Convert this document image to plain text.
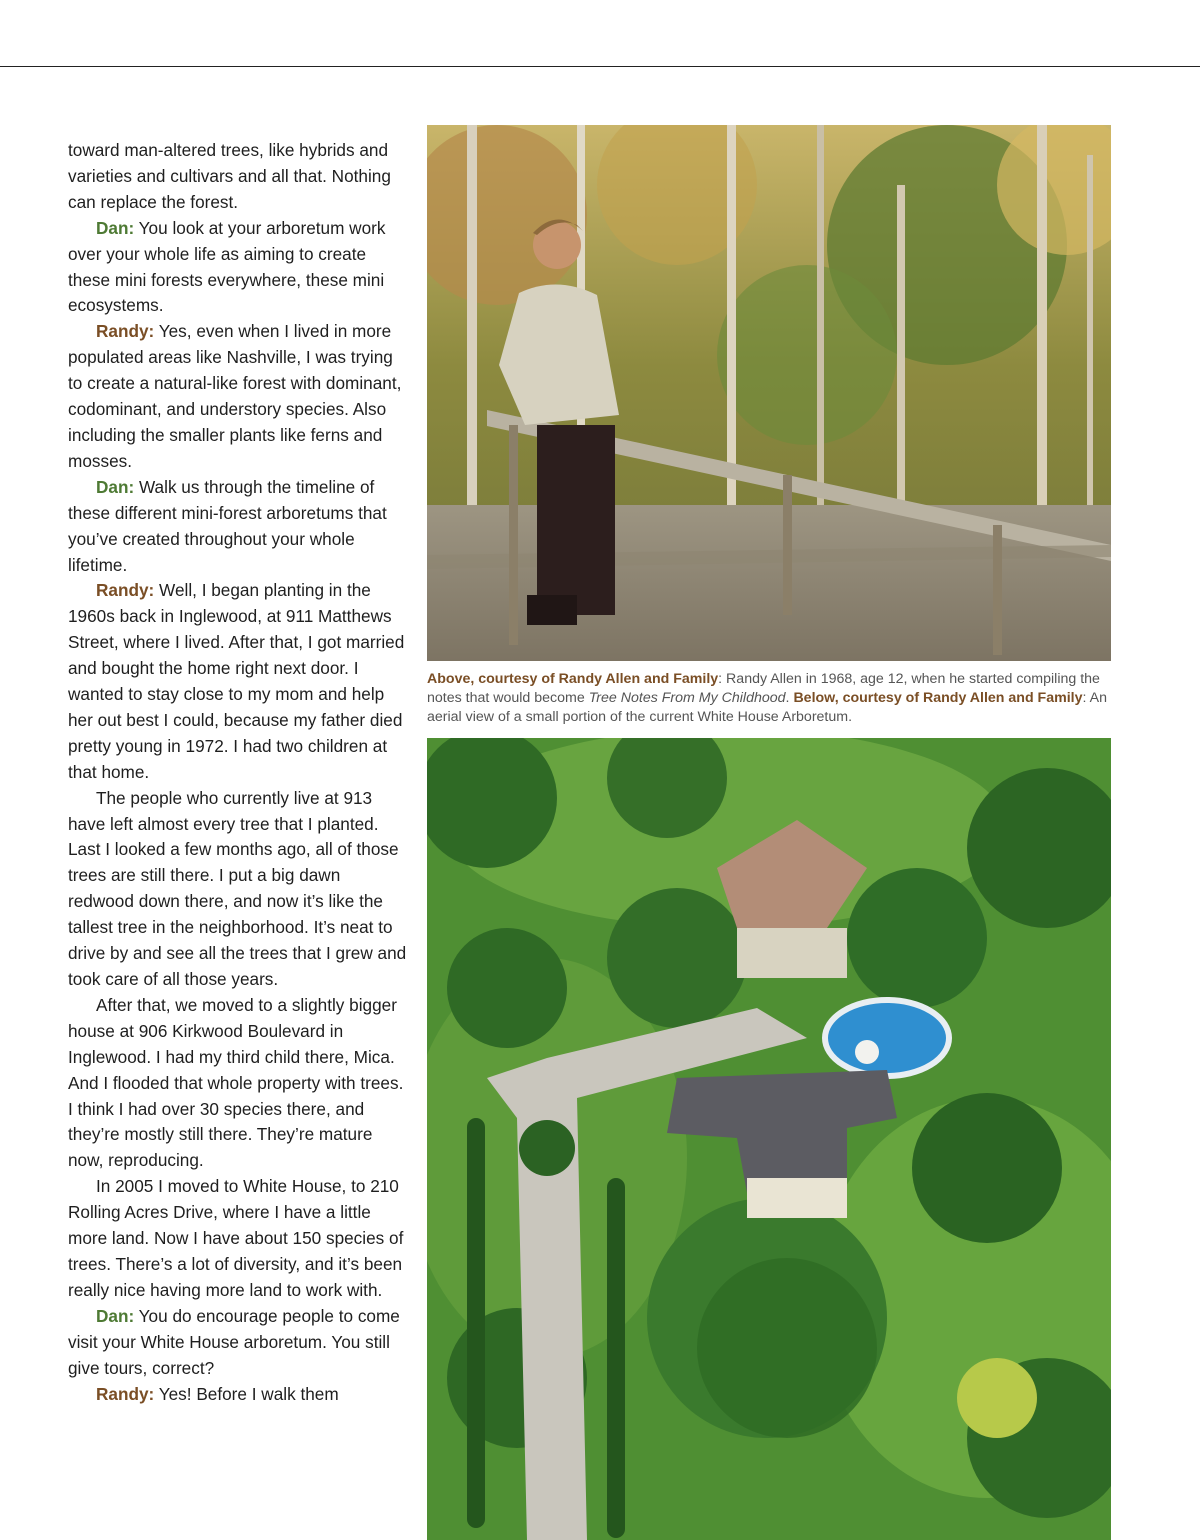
toward man-altered trees, like hybrids and varieties and cultivars and all that. Nothing can replace the forest.

Dan: You look at your arboretum work over your whole life as aiming to create these mini forests everywhere, these mini ecosystems.

Randy: Yes, even when I lived in more populated areas like Nashville, I was trying to create a natural-like forest with dominant, codominant, and understory species. Also including the smaller plants like ferns and mosses.

Dan: Walk us through the timeline of these different mini-forest arboretums that you’ve created throughout your whole lifetime.

Randy: Well, I began planting in the 1960s back in Inglewood, at 911 Matthews Street, where I lived. After that, I got married and bought the home right next door. I wanted to stay close to my mom and help her out best I could, because my father died pretty young in 1972. I had two children at that home.

The people who currently live at 913 have left almost every tree that I planted. Last I looked a few months ago, all of those trees are still there. I put a big dawn redwood down there, and now it’s like the tallest tree in the neighborhood. It’s neat to drive by and see all the trees that I grew and took care of all those years.

After that, we moved to a slightly bigger house at 906 Kirkwood Boulevard in Inglewood. I had my third child there, Mica. And I flooded that whole property with trees. I think I had over 30 species there, and they’re mostly still there. They’re mature now, reproducing.

In 2005 I moved to White House, to 210 Rolling Acres Drive, where I have a little more land. Now I have about 150 species of trees. There’s a lot of diversity, and it’s been really nice having more land to work with.

Dan: You do encourage people to come visit your White House arboretum. You still give tours, correct?

Randy: Yes! Before I walk them

Above, courtesy of Randy Allen and Family: Randy Allen in 1968, age 12, when he started compiling the notes that would become Tree Notes From My Childhood. Below, courtesy of Randy Allen and Family: An aerial view of a small portion of the current White House Arboretum.
